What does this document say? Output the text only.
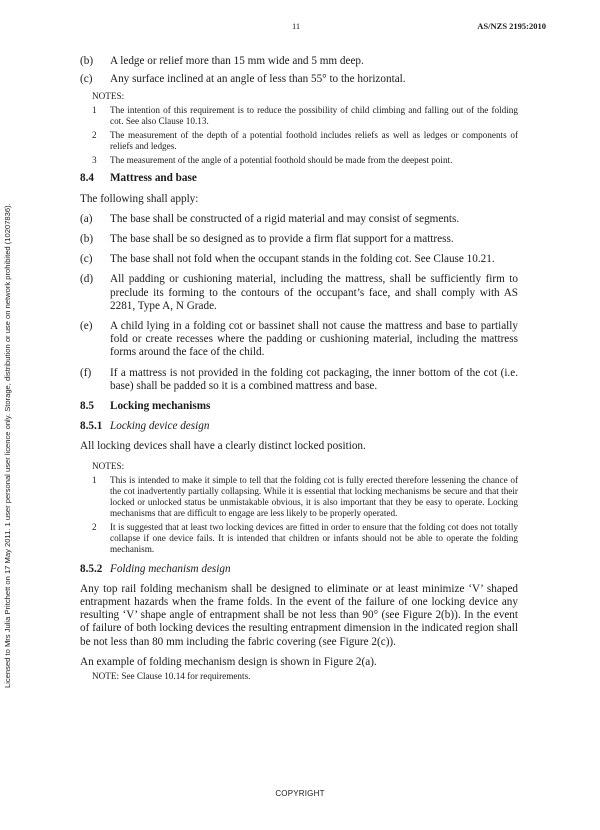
11	AS/NZS 2195:2010
Licensed to Mrs Julia Pritchett on 17 May 2011. 1 user personal user licence only. Storage, distribution or use on network prohibited (10207836).
(b) A ledge or relief more than 15 mm wide and 5 mm deep.
(c) Any surface inclined at an angle of less than 55° to the horizontal.
NOTES:
1 The intention of this requirement is to reduce the possibility of child climbing and falling out of the folding cot. See also Clause 10.13.
2 The measurement of the depth of a potential foothold includes reliefs as well as ledges or components of reliefs and ledges.
3 The measurement of the angle of a potential foothold should be made from the deepest point.
8.4 Mattress and base
The following shall apply:
(a) The base shall be constructed of a rigid material and may consist of segments.
(b) The base shall be so designed as to provide a firm flat support for a mattress.
(c) The base shall not fold when the occupant stands in the folding cot. See Clause 10.21.
(d) All padding or cushioning material, including the mattress, shall be sufficiently firm to preclude its forming to the contours of the occupant’s face, and shall comply with AS 2281, Type A, N Grade.
(e) A child lying in a folding cot or bassinet shall not cause the mattress and base to partially fold or create recesses where the padding or cushioning material, including the mattress forms around the face of the child.
(f) If a mattress is not provided in the folding cot packaging, the inner bottom of the cot (i.e. base) shall be padded so it is a combined mattress and base.
8.5 Locking mechanisms
8.5.1 Locking device design
All locking devices shall have a clearly distinct locked position.
NOTES:
1 This is intended to make it simple to tell that the folding cot is fully erected therefore lessening the chance of the cot inadvertently partially collapsing. While it is essential that locking mechanisms be secure and that their locked or unlocked status be unmistakable obvious, it is also important that they be easy to operate. Locking mechanisms that are difficult to engage are less likely to be properly operated.
2 It is suggested that at least two locking devices are fitted in order to ensure that the folding cot does not totally collapse if one device fails. It is intended that children or infants should not be able to operate the folding mechanism.
8.5.2 Folding mechanism design
Any top rail folding mechanism shall be designed to eliminate or at least minimize ‘V’ shaped entrapment hazards when the frame folds. In the event of the failure of one locking device any resulting ‘V’ shape angle of entrapment shall be not less than 90° (see Figure 2(b)). In the event of failure of both locking devices the resulting entrapment dimension in the indicated region shall be not less than 80 mm including the fabric covering (see Figure 2(c)).
An example of folding mechanism design is shown in Figure 2(a).
NOTE: See Clause 10.14 for requirements.
COPYRIGHT
